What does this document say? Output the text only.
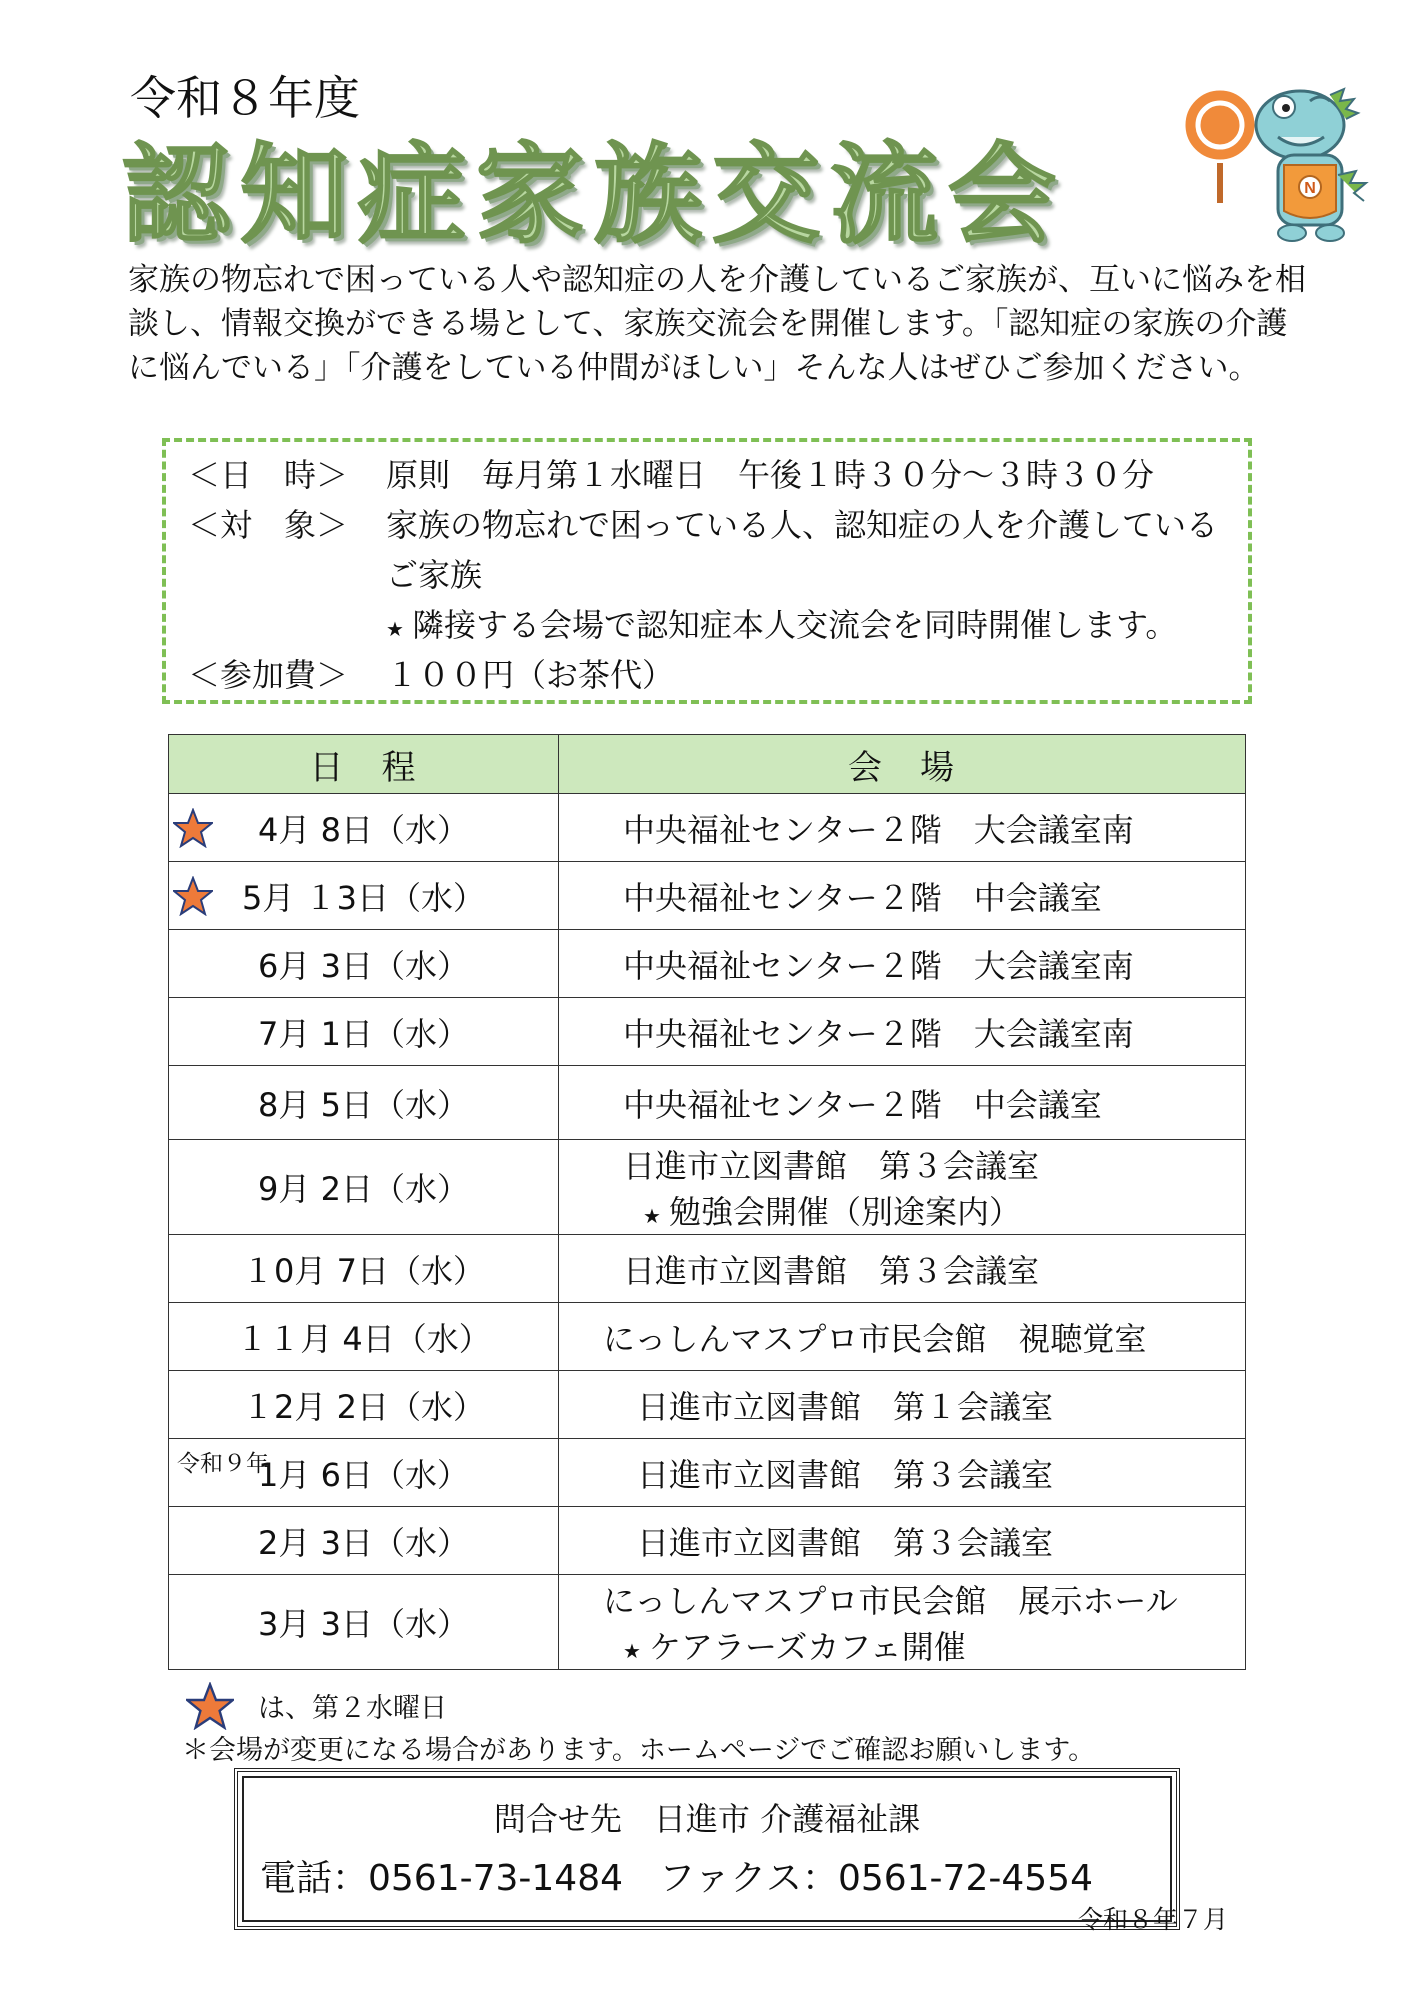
令和８年度
認知症家族交流会	N
家族の物忘れで困っている人や認知症の人を介護しているご家族が、互いに悩みを相談し、情報交換ができる場として、家族交流会を開催します。「認知症の家族の介護に悩んでいる」「介護をしている仲間がほしい」そんな人はぜひご参加ください。
＜日　時＞ 原則　毎月第１水曜日　午後１時３０分～３時３０分
＜対　象＞ 家族の物忘れで困っている人、認知症の人を介護している
ご家族
★ 隣接する会場で認知症本人交流会を同時開催します。
＜参加費＞ １００円（お茶代）
日　程	会　場

4月 8日（水）	中央福祉センター２階　大会議室南

5月 １3日（水）	中央福祉センター２階　中会議室

6月 3日（水）	中央福祉センター２階　大会議室南

7月 1日（水）	中央福祉センター２階　大会議室南

8月 5日（水）	中央福祉センター２階　中会議室

9月 2日（水）	日進市立図書館　第３会議室
★ 勉強会開催（別途案内）

１0月 7日（水）	日進市立図書館　第３会議室

１１月 4日（水）	にっしんマスプロ市民会館　視聴覚室

１2月 2日（水）	日進市立図書館　第１会議室

令和９年
1月 6日（水）	日進市立図書館　第３会議室

2月 3日（水）	日進市立図書館　第３会議室

3月 3日（水）	にっしんマスプロ市民会館　展示ホール
★ ケアラーズカフェ開催
は、第２水曜日
＊会場が変更になる場合があります。ホームページでご確認お願いします。
問合せ先　日進市 介護福祉課
電話：0561-73-1484　ファクス：0561-72-4554
令和８年７月
